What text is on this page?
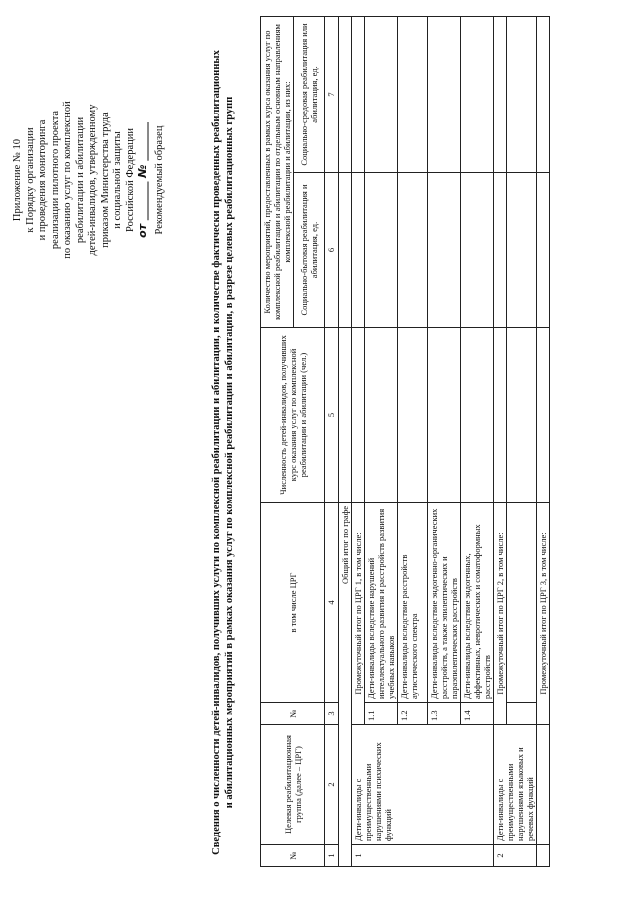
Приложение № 10 к Порядку организации и проведения мониторинга реализации пилотного проекта по оказанию услуг по комплексной реабилитации и абилитации детей-инвалидов, утвержденному приказом Министерства труда и социальной защиты Российской Федерации от _______ № _______ Рекомендуемый образец	Сведения о численности детей-инвалидов, получивших услуги по комплексной реабилитации и абилитации, и количестве фактически проведенных реабилитационных и абилитационных мероприятий в рамках оказания услуг по комплексной реабилитации и абилитации, в разрезе целевых реабилитационных групп
№	Целевая реабилитационная группа (далее – ЦРГ)	№	в том числе ЦРГ	Численность детей-инвалидов, получивших курс оказания услуг по комплексной реабилитации и абилитации (чел.)	Количество мероприятий, предоставленных в рамках курса оказания услуг по комплексной реабилитации и абилитации по отдельным основным направлениям комплексной реабилитации и абилитации, из них:	
					Социально-бытовая реабилитация и абилитация, ед.	Социально-средовая реабилитация или абилитация, ед.
1	2	3	4	5	6	7
Общий итог по графе						
1	Дети-инвалиды с преимущественными нарушениями психических функций	Промежуточный итог по ЦРГ 1, в том числе:				
		1.1	Дети-инвалиды вследствие нарушений интеллектуального развития и расстройств развития учебных навыков			
		1.2	Дети-инвалиды вследствие расстройств аутистического спектра			
		1.3	Дети-инвалиды вследствие эндогенно-органических расстройств, а также эпилептических и параэпилептических расстройств			
		1.4	Дети-инвалиды вследствие эндогенных, аффективных, невротических и соматоформных расстройств			
2	Дети-инвалиды с преимущественными нарушениями языковых и речевых функций	Промежуточный итог по ЦРГ 2, в том числе:				

		Промежуточный итог по ЦРГ 3, в том числе:				
